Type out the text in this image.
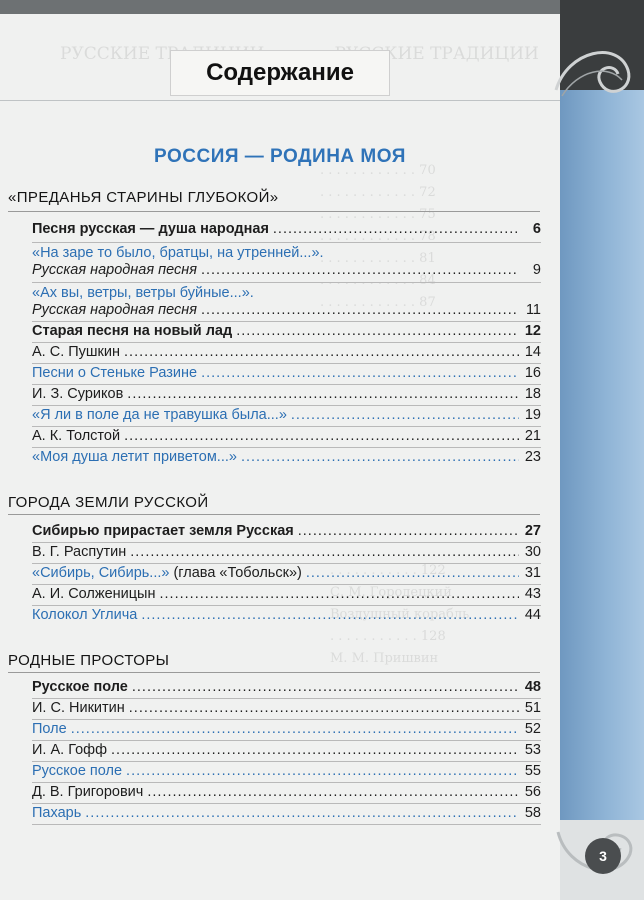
РУССКИЕ ТРАДИЦИИ
. . . . . . . . . . . . 70
. . . . . . . . . . . . 72
. . . . . . . . . . . . 75
. . . . . . . . . . . . 78
. . . . . . . . . . . . 81
. . . . . . . . . . . . 84
. . . . . . . . . . . . 87
. . . . . . . . . . . 122
С. М. Городецкий
Воздушный корабль
. . . . . . . . . . . 128
М. М. Пришвин
Содержание
РОССИЯ — РОДИНА МОЯ
«ПРЕДАНЬЯ СТАРИНЫ ГЛУБОКОЙ»
Песня русская — душа народная .....	6
«На заре то было, братцы, на утренней...».
Русская народная песня .....	9
«Ах вы, ветры, ветры буйные...».
Русская народная песня .....	11
Старая песня на новый лад .....	12
А. С. Пушкин .....	14
Песни о Стеньке Разине .....	16
И. З. Суриков .....	18
«Я ли в поле да не травушка была...» .....	19
А. К. Толстой .....	21
«Моя душа летит приветом...» .....	23
ГОРОДА ЗЕМЛИ РУССКОЙ
Сибирью прирастает земля Русская .....	27
В. Г. Распутин .....	30
«Сибирь, Сибирь...» (глава «Тобольск») .....	31
А. И. Солженицын .....	43
Колокол Углича .....	44
РОДНЫЕ ПРОСТОРЫ
Русское поле .....	48
И. С. Никитин .....	51
Поле .....	52
И. А. Гофф .....	53
Русское поле .....	55
Д. В. Григорович .....	56
Пахарь .....	58
3
